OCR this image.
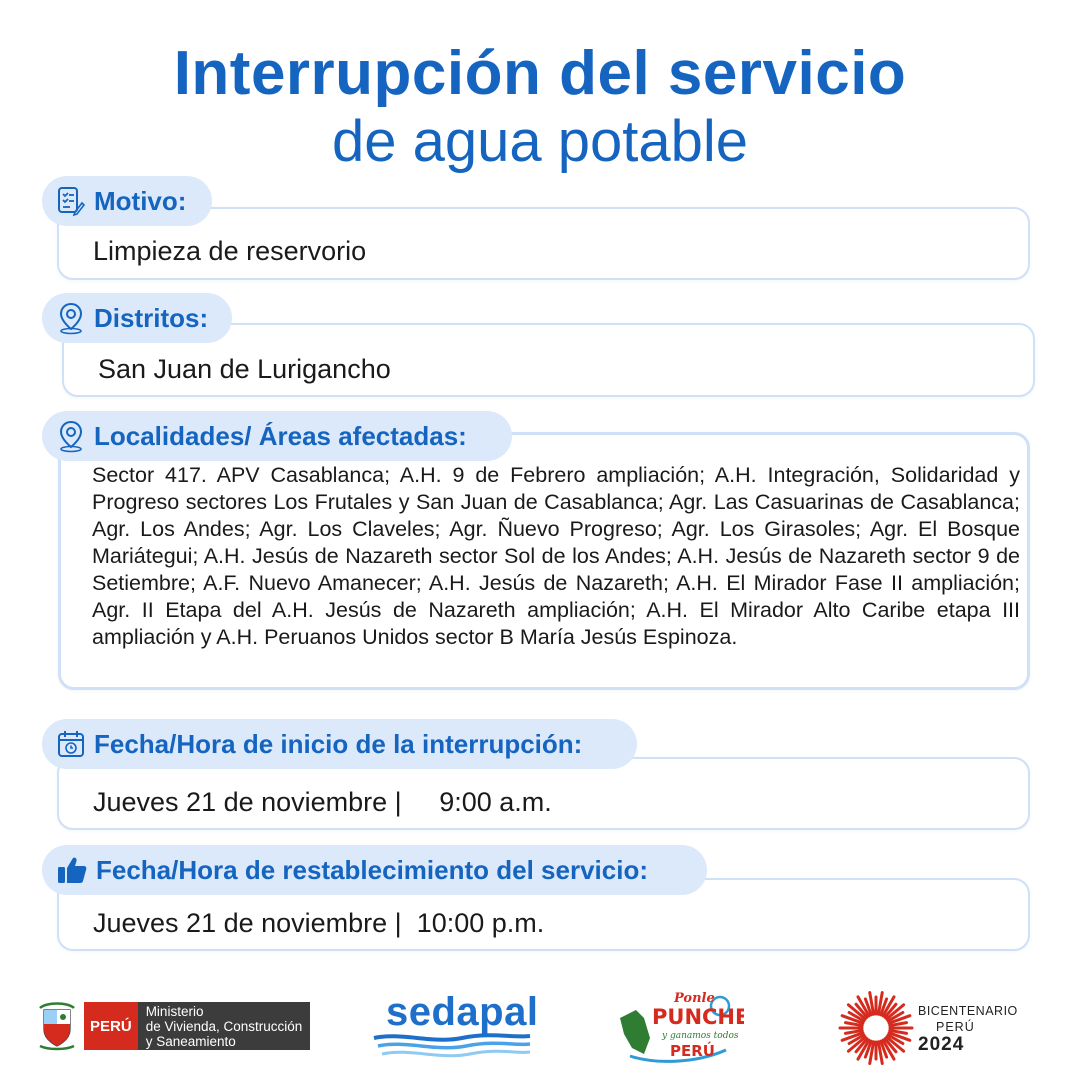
Interrupción del servicio
de agua potable
Limpieza de reservorio
Motivo:
San Juan de Lurigancho
Distritos:
Sector 417. APV Casablanca; A.H. 9 de Febrero ampliación; A.H. Integración, Solidaridad y Progreso sectores Los Frutales y San Juan de Casablanca; Agr. Las Casuarinas de Casablanca; Agr. Los Andes; Agr. Los Claveles; Agr. Ñuevo Progreso; Agr. Los Girasoles; Agr. El Bosque Mariátegui; A.H. Jesús de Nazareth sector Sol de los Andes; A.H. Jesús de Nazareth sector 9 de Setiembre; A.F. Nuevo Amanecer; A.H. Jesús de Nazareth; A.H. El Mirador Fase II ampliación; Agr. II Etapa del A.H. Jesús de Nazareth ampliación; A.H. El Mirador Alto Caribe etapa III ampliación y A.H. Peruanos Unidos sector B María Jesús Espinoza.
Localidades/ Áreas afectadas:
Jueves 21 de noviembre |     9:00 a.m.
Fecha/Hora de inicio de la interrupción:
Jueves 21 de noviembre |  10:00 p.m.
Fecha/Hora de restablecimiento del servicio:
PERÚ
Ministerio
de Vivienda, Construcción
y Saneamiento
sedapal	Ponle
PUNCHE
y ganamos todos
PERÚ
BICENTENARIO
PERÚ
2024
